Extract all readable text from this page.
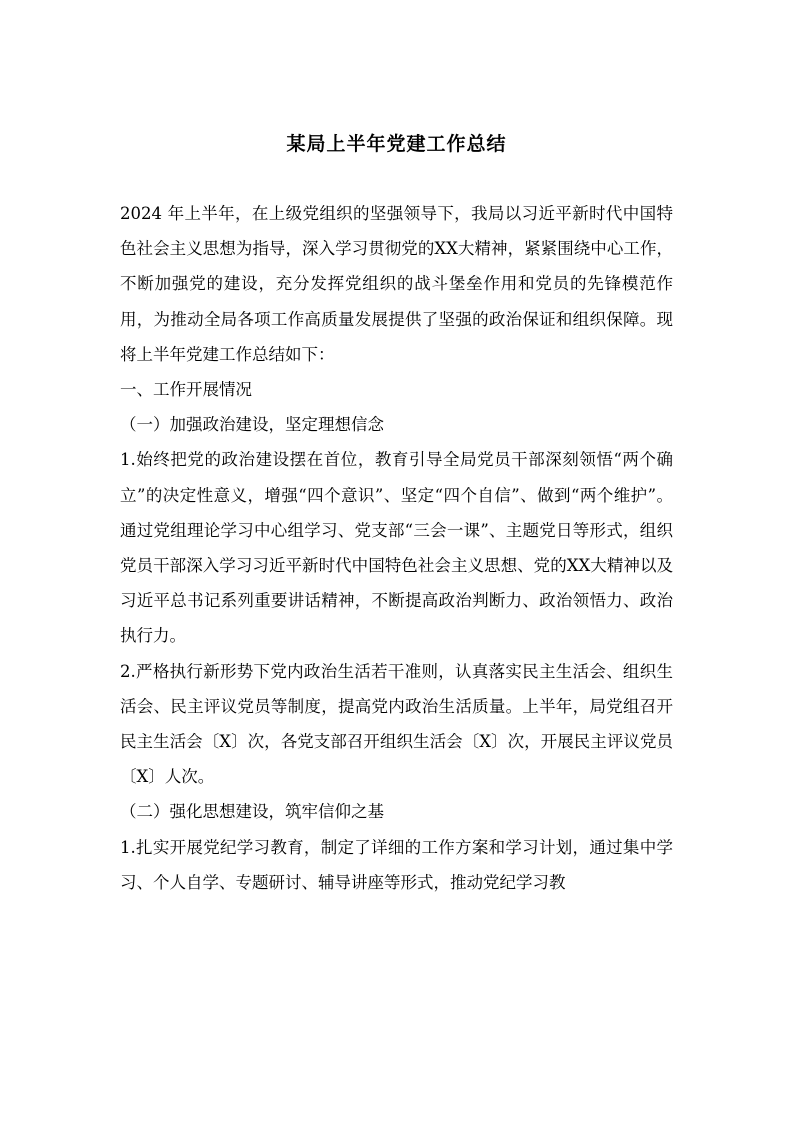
某局上半年党建工作总结

2024 年上半年，在上级党组织的坚强领导下，我局以习近平新时代中国特色社会主义思想为指导，深入学习贯彻党的XX大精神，紧紧围绕中心工作，不断加强党的建设，充分发挥党组织的战斗堡垒作用和党员的先锋模范作用，为推动全局各项工作高质量发展提供了坚强的政治保证和组织保障。现将上半年党建工作总结如下：

一、工作开展情况

（一）加强政治建设，坚定理想信念

1.始终把党的政治建设摆在首位，教育引导全局党员干部深刻领悟“两个确立”的决定性意义，增强“四个意识”、坚定“四个自信”、做到“两个维护”。通过党组理论学习中心组学习、党支部“三会一课”、主题党日等形式，组织党员干部深入学习习近平新时代中国特色社会主义思想、党的XX大精神以及习近平总书记系列重要讲话精神，不断提高政治判断力、政治领悟力、政治执行力。

2.严格执行新形势下党内政治生活若干准则，认真落实民主生活会、组织生活会、民主评议党员等制度，提高党内政治生活质量。上半年，局党组召开民主生活会〔X〕次，各党支部召开组织生活会〔X〕次，开展民主评议党员〔X〕人次。

（二）强化思想建设，筑牢信仰之基

1.扎实开展党纪学习教育，制定了详细的工作方案和学习计划，通过集中学习、个人自学、专题研讨、辅导讲座等形式，推动党纪学习教
